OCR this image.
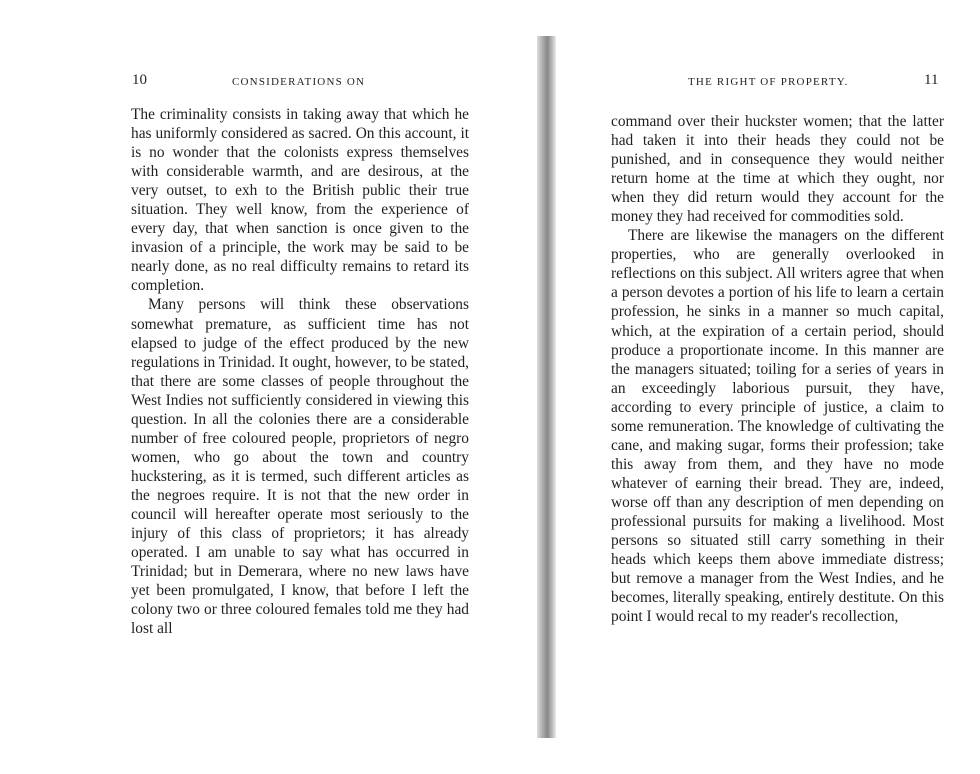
10	CONSIDERATIONS ON

The criminality consists in taking away that which he has uniformly considered as sacred. On this account, it is no wonder that the colonists express themselves with considerable warmth, and are desirous, at the very outset, to exh to the British public their true situation. They well know, from the experience of every day, that when sanction is once given to the invasion of a principle, the work may be said to be nearly done, as no real difficulty remains to retard its completion.

Many persons will think these observations somewhat premature, as sufficient time has not elapsed to judge of the effect produced by the new regulations in Trinidad. It ought, however, to be stated, that there are some classes of people throughout the West Indies not sufficiently considered in viewing this question. In all the colonies there are a considerable number of free coloured people, proprietors of negro women, who go about the town and country huckstering, as it is termed, such different articles as the negroes require. It is not that the new order in council will hereafter operate most seriously to the injury of this class of proprietors; it has already operated. I am unable to say what has occurred in Trinidad; but in Demerara, where no new laws have yet been promulgated, I know, that before I left the colony two or three coloured females told me they had lost all

THE RIGHT OF PROPERTY.	11

command over their huckster women; that the latter had taken it into their heads they could not be punished, and in consequence they would neither return home at the time at which they ought, nor when they did return would they account for the money they had received for commodities sold.

There are likewise the managers on the different properties, who are generally overlooked in reflections on this subject. All writers agree that when a person devotes a portion of his life to learn a certain profession, he sinks in a manner so much capital, which, at the expiration of a certain period, should produce a proportionate income. In this manner are the managers situated; toiling for a series of years in an exceedingly laborious pursuit, they have, according to every principle of justice, a claim to some remuneration. The knowledge of cultivating the cane, and making sugar, forms their profession; take this away from them, and they have no mode whatever of earning their bread. They are, indeed, worse off than any description of men depending on professional pursuits for making a livelihood. Most persons so situated still carry something in their heads which keeps them above immediate distress; but remove a manager from the West Indies, and he becomes, literally speaking, entirely destitute. On this point I would recal to my reader's recollection,
